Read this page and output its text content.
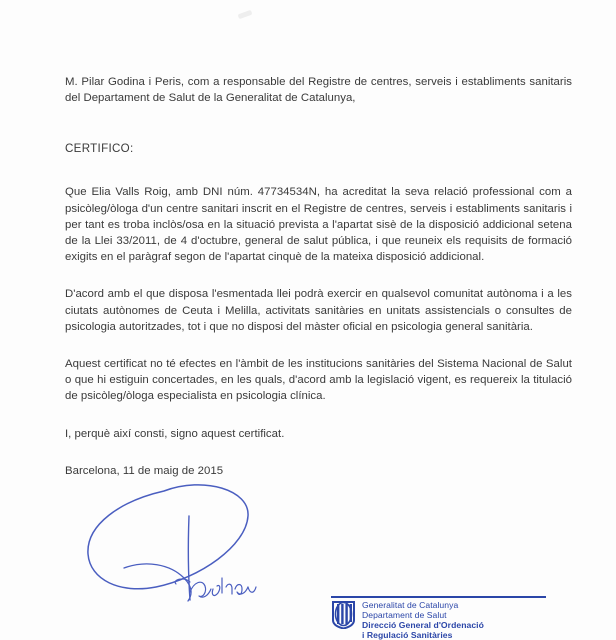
M. Pilar Godina i Peris, com a responsable del Registre de centres, serveis i establiments sanitaris del Departament de Salut de la Generalitat de Catalunya,

CERTIFICO:

Que Elia Valls Roig, amb DNI núm. 47734534N, ha acreditat la seva relació professional com a psicòleg/òloga d'un centre sanitari inscrit en el Registre de centres, serveis i establiments sanitaris i per tant es troba inclòs/osa en la situació prevista a l'apartat sisè de la disposició addicional setena de la Llei 33/2011, de 4 d'octubre, general de salut pública, i que reuneix els requisits de formació exigits en el paràgraf segon de l'apartat cinquè de la mateixa disposició addicional.

D'acord amb el que disposa l'esmentada llei podrà exercir en qualsevol comunitat autònoma i a les ciutats autònomes de Ceuta i Melilla, activitats sanitàries en unitats assistencials o consultes de psicologia autoritzades, tot i que no disposi del màster oficial en psicologia general sanitària.

Aquest certificat no té efectes en l'àmbit de les institucions sanitàries del Sistema Nacional de Salut o que hi estiguin concertades, en les quals, d'acord amb la legislació vigent, es requereix la titulació de psicòleg/òloga especialista en psicologia clínica.

I, perquè així consti, signo aquest certificat.

Barcelona, 11 de maig de 2015

Generalitat de Catalunya
Departament de Salut
Direcció General d'Ordenació
i Regulació Sanitàries
